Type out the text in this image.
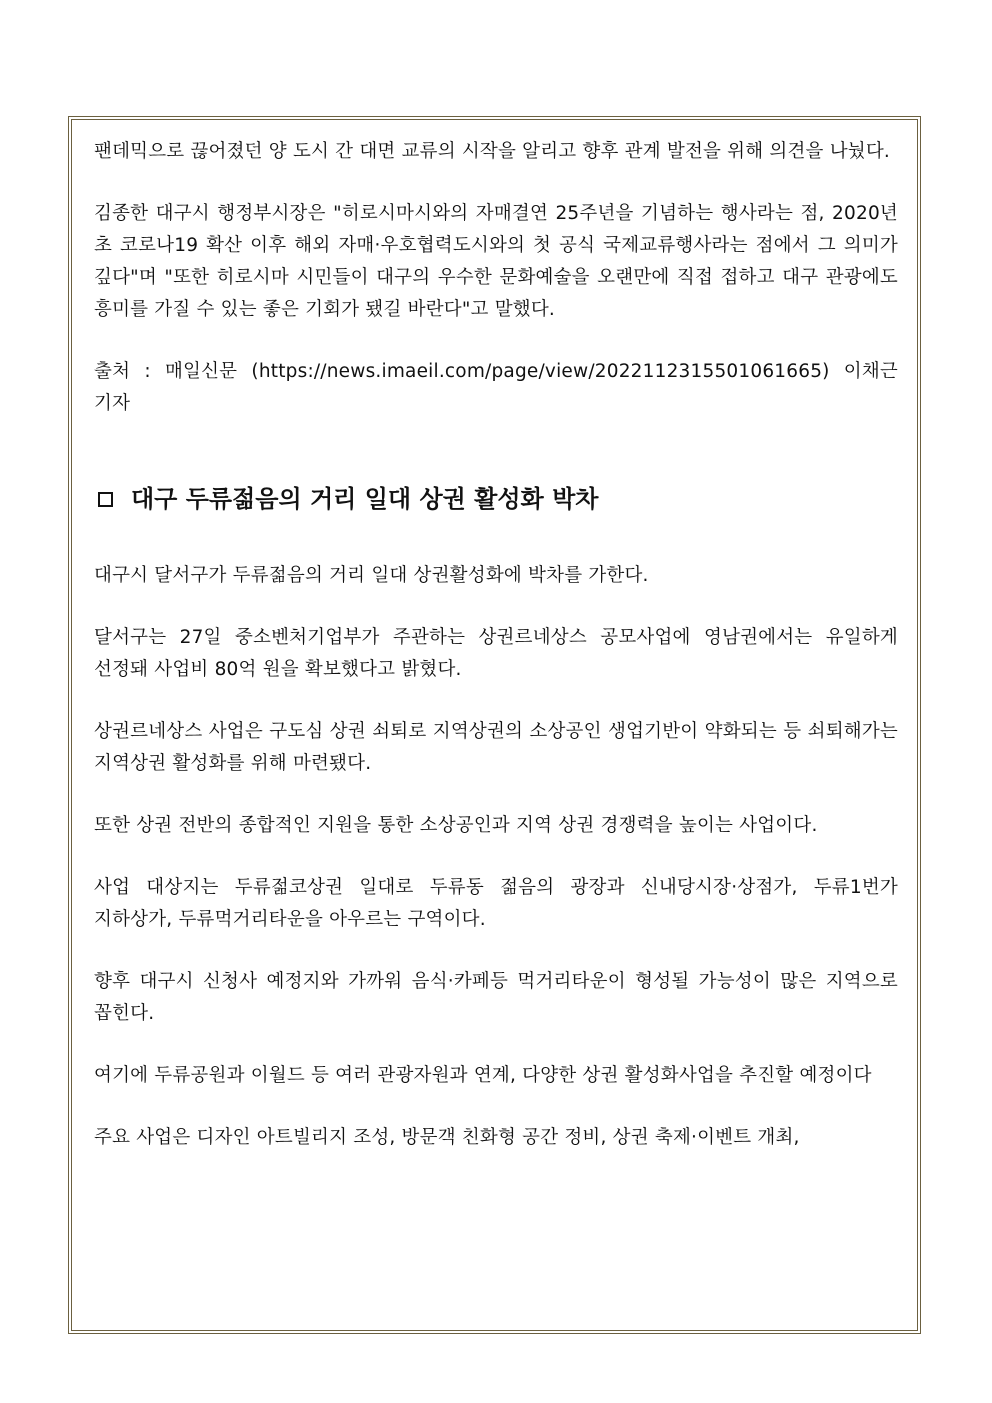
팬데믹으로 끊어졌던 양 도시 간 대면 교류의 시작을 알리고 향후 관계 발전을 위해 의견을 나눴다.

김종한 대구시 행정부시장은 "히로시마시와의 자매결연 25주년을 기념하는 행사라는 점, 2020년 초 코로나19 확산 이후 해외 자매·우호협력도시와의 첫 공식 국제교류행사라는 점에서 그 의미가 깊다"며 "또한 히로시마 시민들이 대구의 우수한 문화예술을 오랜만에 직접 접하고 대구 관광에도 흥미를 가질 수 있는 좋은 기회가 됐길 바란다"고 말했다.

출처 : 매일신문 (https://news.imaeil.com/page/view/2022112315501061665) 이채근 기자

대구 두류젊음의 거리 일대 상권 활성화 박차

대구시 달서구가 두류젊음의 거리 일대 상권활성화에 박차를 가한다.

달서구는 27일 중소벤처기업부가 주관하는 상권르네상스 공모사업에 영남권에서는 유일하게 선정돼 사업비 80억 원을 확보했다고 밝혔다.

상권르네상스 사업은 구도심 상권 쇠퇴로 지역상권의 소상공인 생업기반이 약화되는 등 쇠퇴해가는 지역상권 활성화를 위해 마련됐다.

또한 상권 전반의 종합적인 지원을 통한 소상공인과 지역 상권 경쟁력을 높이는 사업이다.

사업 대상지는 두류젊코상권 일대로 두류동 젊음의 광장과 신내당시장·상점가, 두류1번가 지하상가, 두류먹거리타운을 아우르는 구역이다.

향후 대구시 신청사 예정지와 가까워 음식·카페등 먹거리타운이 형성될 가능성이 많은 지역으로 꼽힌다.

여기에 두류공원과 이월드 등 여러 관광자원과 연계, 다양한 상권 활성화사업을 추진할 예정이다

주요 사업은 디자인 아트빌리지 조성, 방문객 친화형 공간 정비, 상권 축제·이벤트 개최,
